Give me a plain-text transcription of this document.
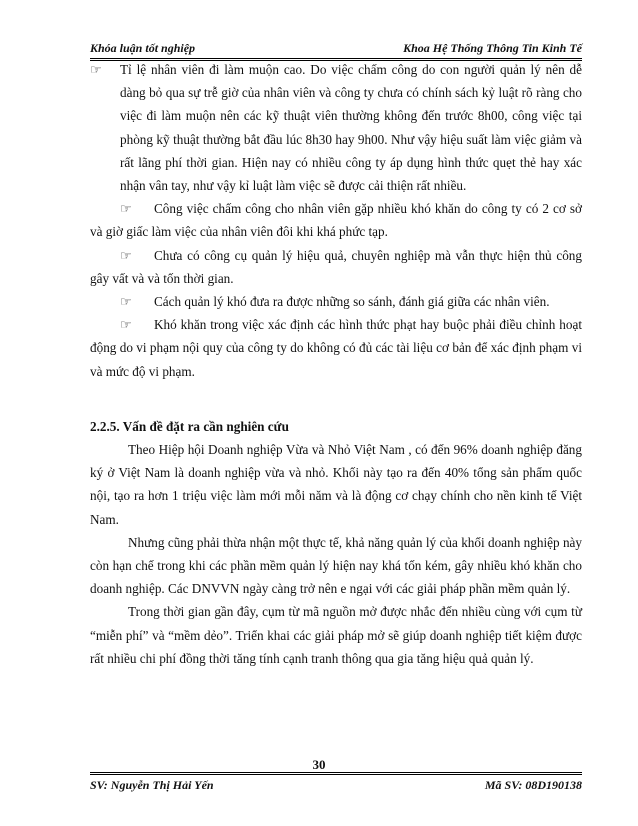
Khóa luận tốt nghiệp	Khoa Hệ Thống Thông Tin Kinh Tế

☞	Tỉ lệ nhân viên đi làm muộn cao. Do việc chấm công do con người quản lý nên dễ dàng bỏ qua sự trễ giờ của nhân viên và công ty chưa có chính sách kỷ luật rõ ràng cho việc đi làm muộn nên các kỹ thuật viên thường không đến trước 8h00, công việc tại phòng kỹ thuật thường bắt đầu lúc 8h30 hay 9h00. Như vậy hiệu suất làm việc giảm và rất lãng phí thời gian. Hiện nay có nhiều công ty áp dụng hình thức quẹt thẻ hay xác nhận vân tay, như vậy kỉ luật làm việc sẽ được cải thiện rất nhiều.

☞ Công việc chấm công cho nhân viên gặp nhiều khó khăn do công ty có 2 cơ sở và giờ giấc làm việc của nhân viên đôi khi khá phức tạp.

☞ Chưa có công cụ quản lý hiệu quả, chuyên nghiệp mà vẫn thực hiện thủ công gây vất và và tốn thời gian.

☞ Cách quản lý khó đưa ra được những so sánh, đánh giá giữa các nhân viên.

☞ Khó khăn trong việc xác định các hình thức phạt hay buộc phải điều chỉnh hoạt động do vi phạm nội quy của công ty do không có đủ các tài liệu cơ bản để xác định phạm vi và mức độ vi phạm.

2.2.5. Vấn đề đặt ra cần nghiên cứu

Theo Hiệp hội Doanh nghiệp Vừa và Nhỏ Việt Nam , có đến 96% doanh nghiệp đăng ký ở Việt Nam là doanh nghiệp vừa và nhỏ. Khối này tạo ra đến 40% tổng sản phẩm quốc nội, tạo ra hơn 1 triệu việc làm mới mỗi năm và là động cơ chạy chính cho nền kinh tế Việt Nam.

Nhưng cũng phải thừa nhận một thực tế, khả năng quản lý của khối doanh nghiệp này còn hạn chế trong khi các phần mềm quản lý hiện nay khá tốn kém, gây nhiều khó khăn cho doanh nghiệp. Các DNVVN ngày càng trở nên e ngại với các giải pháp phần mềm quản lý.

Trong thời gian gần đây, cụm từ mã nguồn mở được nhắc đến nhiều cùng với cụm từ “miễn phí” và “mềm dẻo”. Triển khai các giải pháp mở sẽ giúp doanh nghiệp tiết kiệm được rất nhiều chi phí đồng thời tăng tính cạnh tranh thông qua gia tăng hiệu quả quản lý.

30
SV: Nguyễn Thị Hải Yến	Mã SV: 08D190138
